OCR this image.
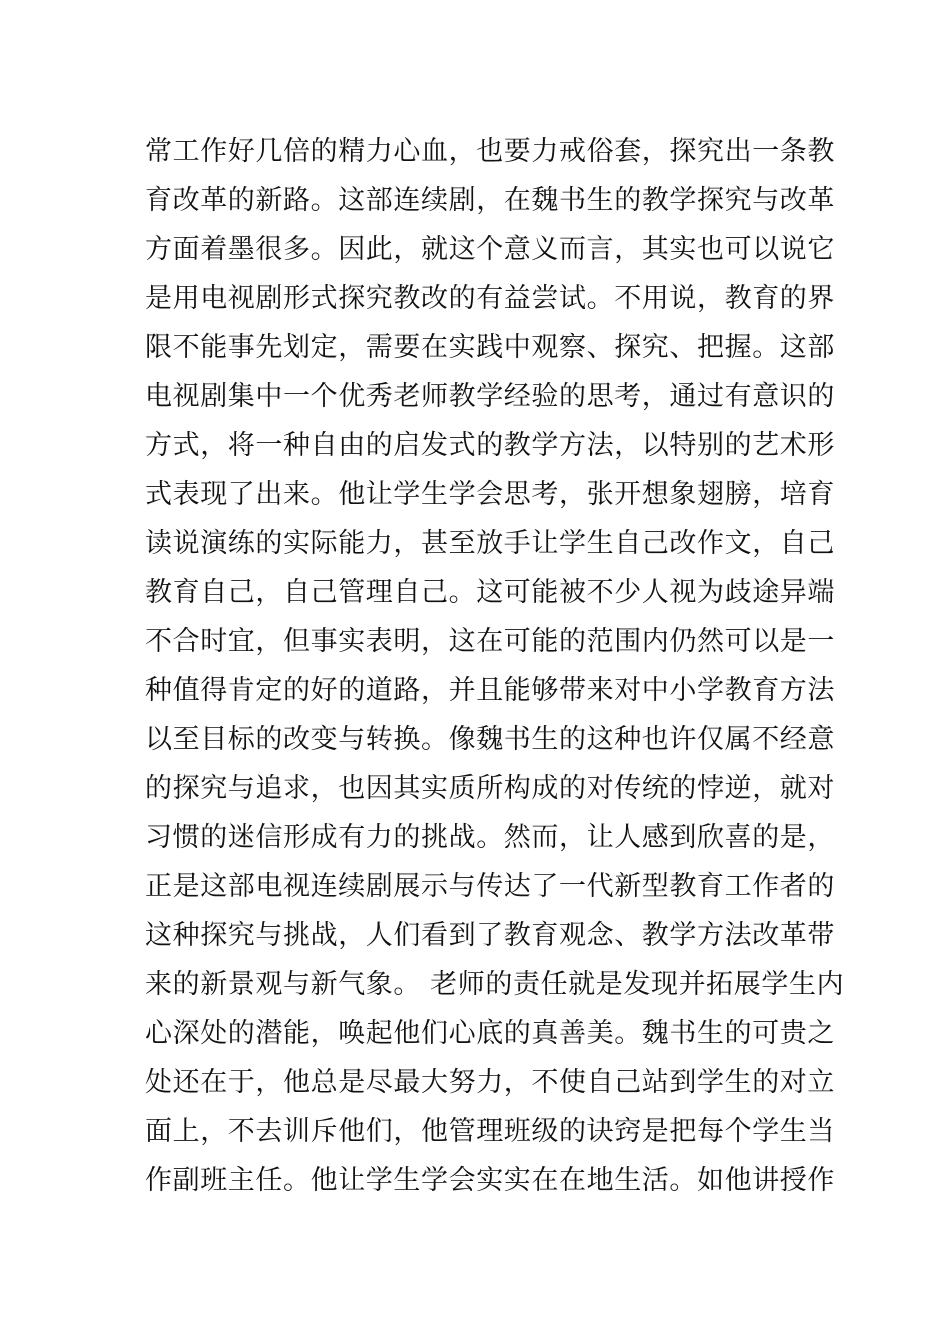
常工作好几倍的精力心血，也要力戒俗套，探究出一条教
育改革的新路。这部连续剧，在魏书生的教学探究与改革
方面着墨很多。因此，就这个意义而言，其实也可以说它
是用电视剧形式探究教改的有益尝试。不用说，教育的界
限不能事先划定，需要在实践中观察、探究、把握。这部
电视剧集中一个优秀老师教学经验的思考，通过有意识的
方式，将一种自由的启发式的教学方法，以特别的艺术形
式表现了出来。他让学生学会思考，张开想象翅膀，培育
读说演练的实际能力，甚至放手让学生自己改作文，自己
教育自己，自己管理自己。这可能被不少人视为歧途异端
不合时宜，但事实表明，这在可能的范围内仍然可以是一
种值得肯定的好的道路，并且能够带来对中小学教育方法
以至目标的改变与转换。像魏书生的这种也许仅属不经意
的探究与追求，也因其实质所构成的对传统的悖逆，就对
习惯的迷信形成有力的挑战。然而，让人感到欣喜的是，
正是这部电视连续剧展示与传达了一代新型教育工作者的
这种探究与挑战，人们看到了教育观念、教学方法改革带
来的新景观与新气象。 老师的责任就是发现并拓展学生内
心深处的潜能，唤起他们心底的真善美。魏书生的可贵之
处还在于，他总是尽最大努力，不使自己站到学生的对立
面上，不去训斥他们，他管理班级的诀窍是把每个学生当
作副班主任。他让学生学会实实在在地生活。如他讲授作
